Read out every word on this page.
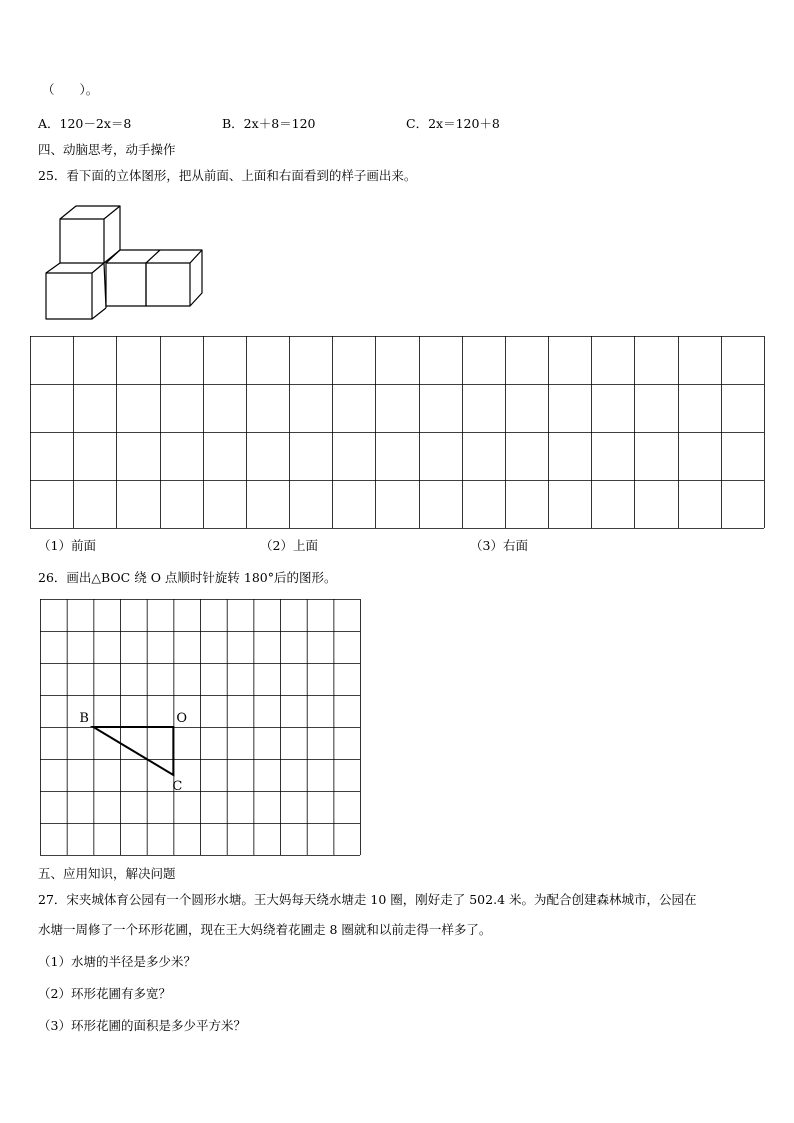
（　　）。
A．120－2x＝8	B．2x＋8＝120	C．2x＝120＋8
四、动脑思考，动手操作
25．看下面的立体图形，把从前面、上面和右面看到的样子画出来。
（1）前面	（2）上面	（3）右面
26．画出△BOC 绕 O 点顺时针旋转 180°后的图形。
B	O
C
五、应用知识，解决问题
27．宋夹城体育公园有一个圆形水塘。王大妈每天绕水塘走 10 圈，刚好走了 502.4 米。为配合创建森林城市，公园在
水塘一周修了一个环形花圃，现在王大妈绕着花圃走 8 圈就和以前走得一样多了。
（1）水塘的半径是多少米？
（2）环形花圃有多宽？
（3）环形花圃的面积是多少平方米？
